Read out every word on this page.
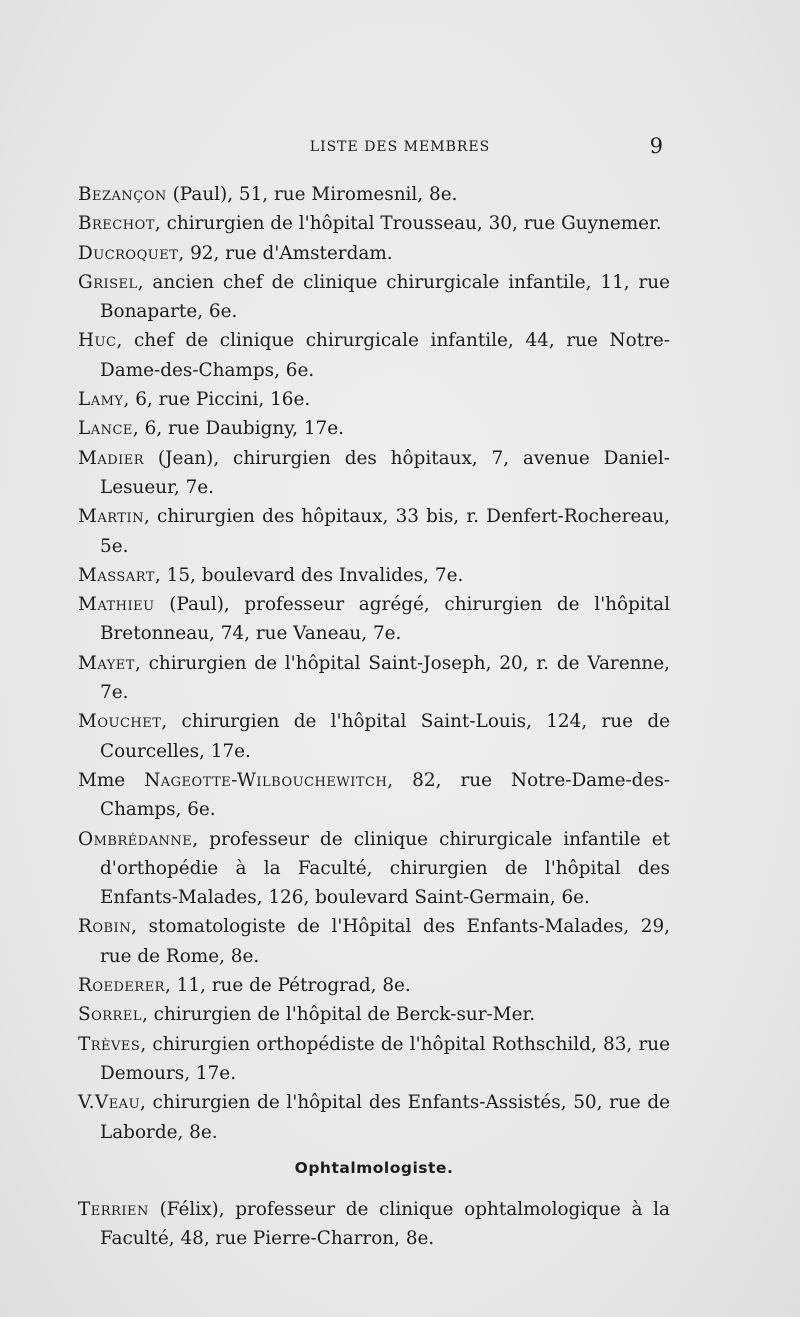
LISTE DES MEMBRES	9

Bezançon (Paul), 51, rue Miromesnil, 8e.

Brechot, chirurgien de l'hôpital Trousseau, 30, rue Guynemer.

Ducroquet, 92, rue d'Amsterdam.

Grisel, ancien chef de clinique chirurgicale infantile, 11, rue Bonaparte, 6e.

Huc, chef de clinique chirurgicale infantile, 44, rue Notre-Dame-des-Champs, 6e.

Lamy, 6, rue Piccini, 16e.

Lance, 6, rue Daubigny, 17e.

Madier (Jean), chirurgien des hôpitaux, 7, avenue Daniel-Lesueur, 7e.

Martin, chirurgien des hôpitaux, 33 bis, r. Denfert-Rochereau, 5e.

Massart, 15, boulevard des Invalides, 7e.

Mathieu (Paul), professeur agrégé, chirurgien de l'hôpital Bretonneau, 74, rue Vaneau, 7e.

Mayet, chirurgien de l'hôpital Saint-Joseph, 20, r. de Varenne, 7e.

Mouchet, chirurgien de l'hôpital Saint-Louis, 124, rue de Courcelles, 17e.

Mme Nageotte-Wilbouchewitch, 82, rue Notre-Dame-des-Champs, 6e.

Ombrédanne, professeur de clinique chirurgicale infantile et d'orthopédie à la Faculté, chirurgien de l'hôpital des Enfants-Malades, 126, boulevard Saint-Germain, 6e.

Robin, stomatologiste de l'Hôpital des Enfants-Malades, 29, rue de Rome, 8e.

Roederer, 11, rue de Pétrograd, 8e.

Sorrel, chirurgien de l'hôpital de Berck-sur-Mer.

Trèves, chirurgien orthopédiste de l'hôpital Rothschild, 83, rue Demours, 17e.

V.Veau, chirurgien de l'hôpital des Enfants-Assistés, 50, rue de Laborde, 8e.

Ophtalmologiste.

Terrien (Félix), professeur de clinique ophtalmologique à la Faculté, 48, rue Pierre-Charron, 8e.
